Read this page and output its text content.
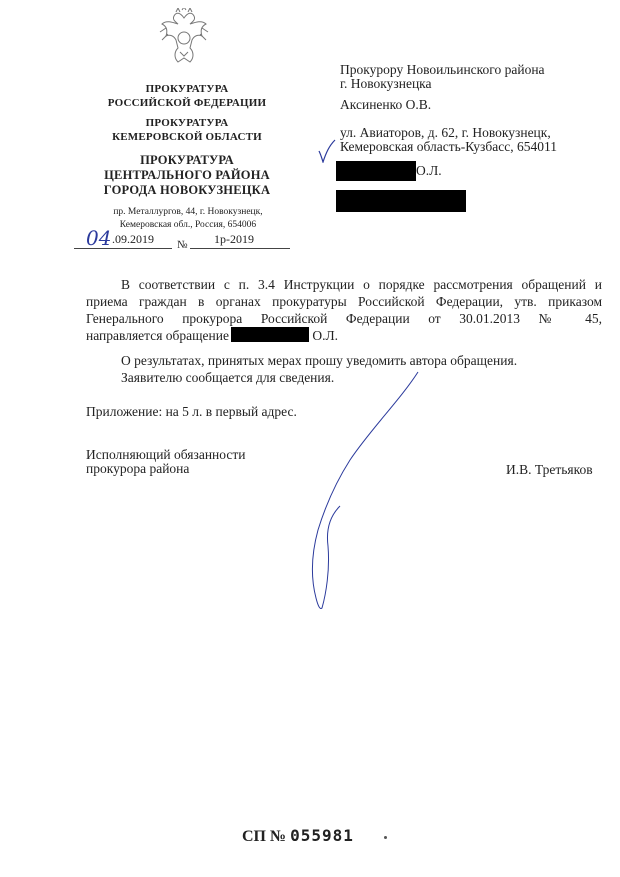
ПРОКУРАТУРА
РОССИЙСКОЙ ФЕДЕРАЦИИ
ПРОКУРАТУРА
КЕМЕРОВСКОЙ ОБЛАСТИ
ПРОКУРАТУРА
ЦЕНТРАЛЬНОГО РАЙОНА
ГОРОДА НОВОКУЗНЕЦКА
пр. Металлургов, 44, г. Новокузнецк,
Кемеровская обл., Россия, 654006
.09.2019 № 1р-2019
04
Прокурору Новоильинского района
г. Новокузнецка
Аксиненко О.В.
ул. Авиаторов, д. 62, г. Новокузнецк,
Кемеровская область-Кузбасс, 654011
О.Л.
В соответствии с п. 3.4 Инструкции о порядке рассмотрения обращений и
приема граждан в органах прокуратуры Российской Федерации, утв. приказом
Генерального прокурора Российской Федерации от 30.01.2013 № 45,
направляется обращение	О.Л.
О результатах, принятых мерах прошу уведомить автора обращения.
Заявителю сообщается для сведения.
Приложение: на 5 л. в первый адрес.
Исполняющий обязанности
прокурора района	И.В. Третьяков
СП № 055981
